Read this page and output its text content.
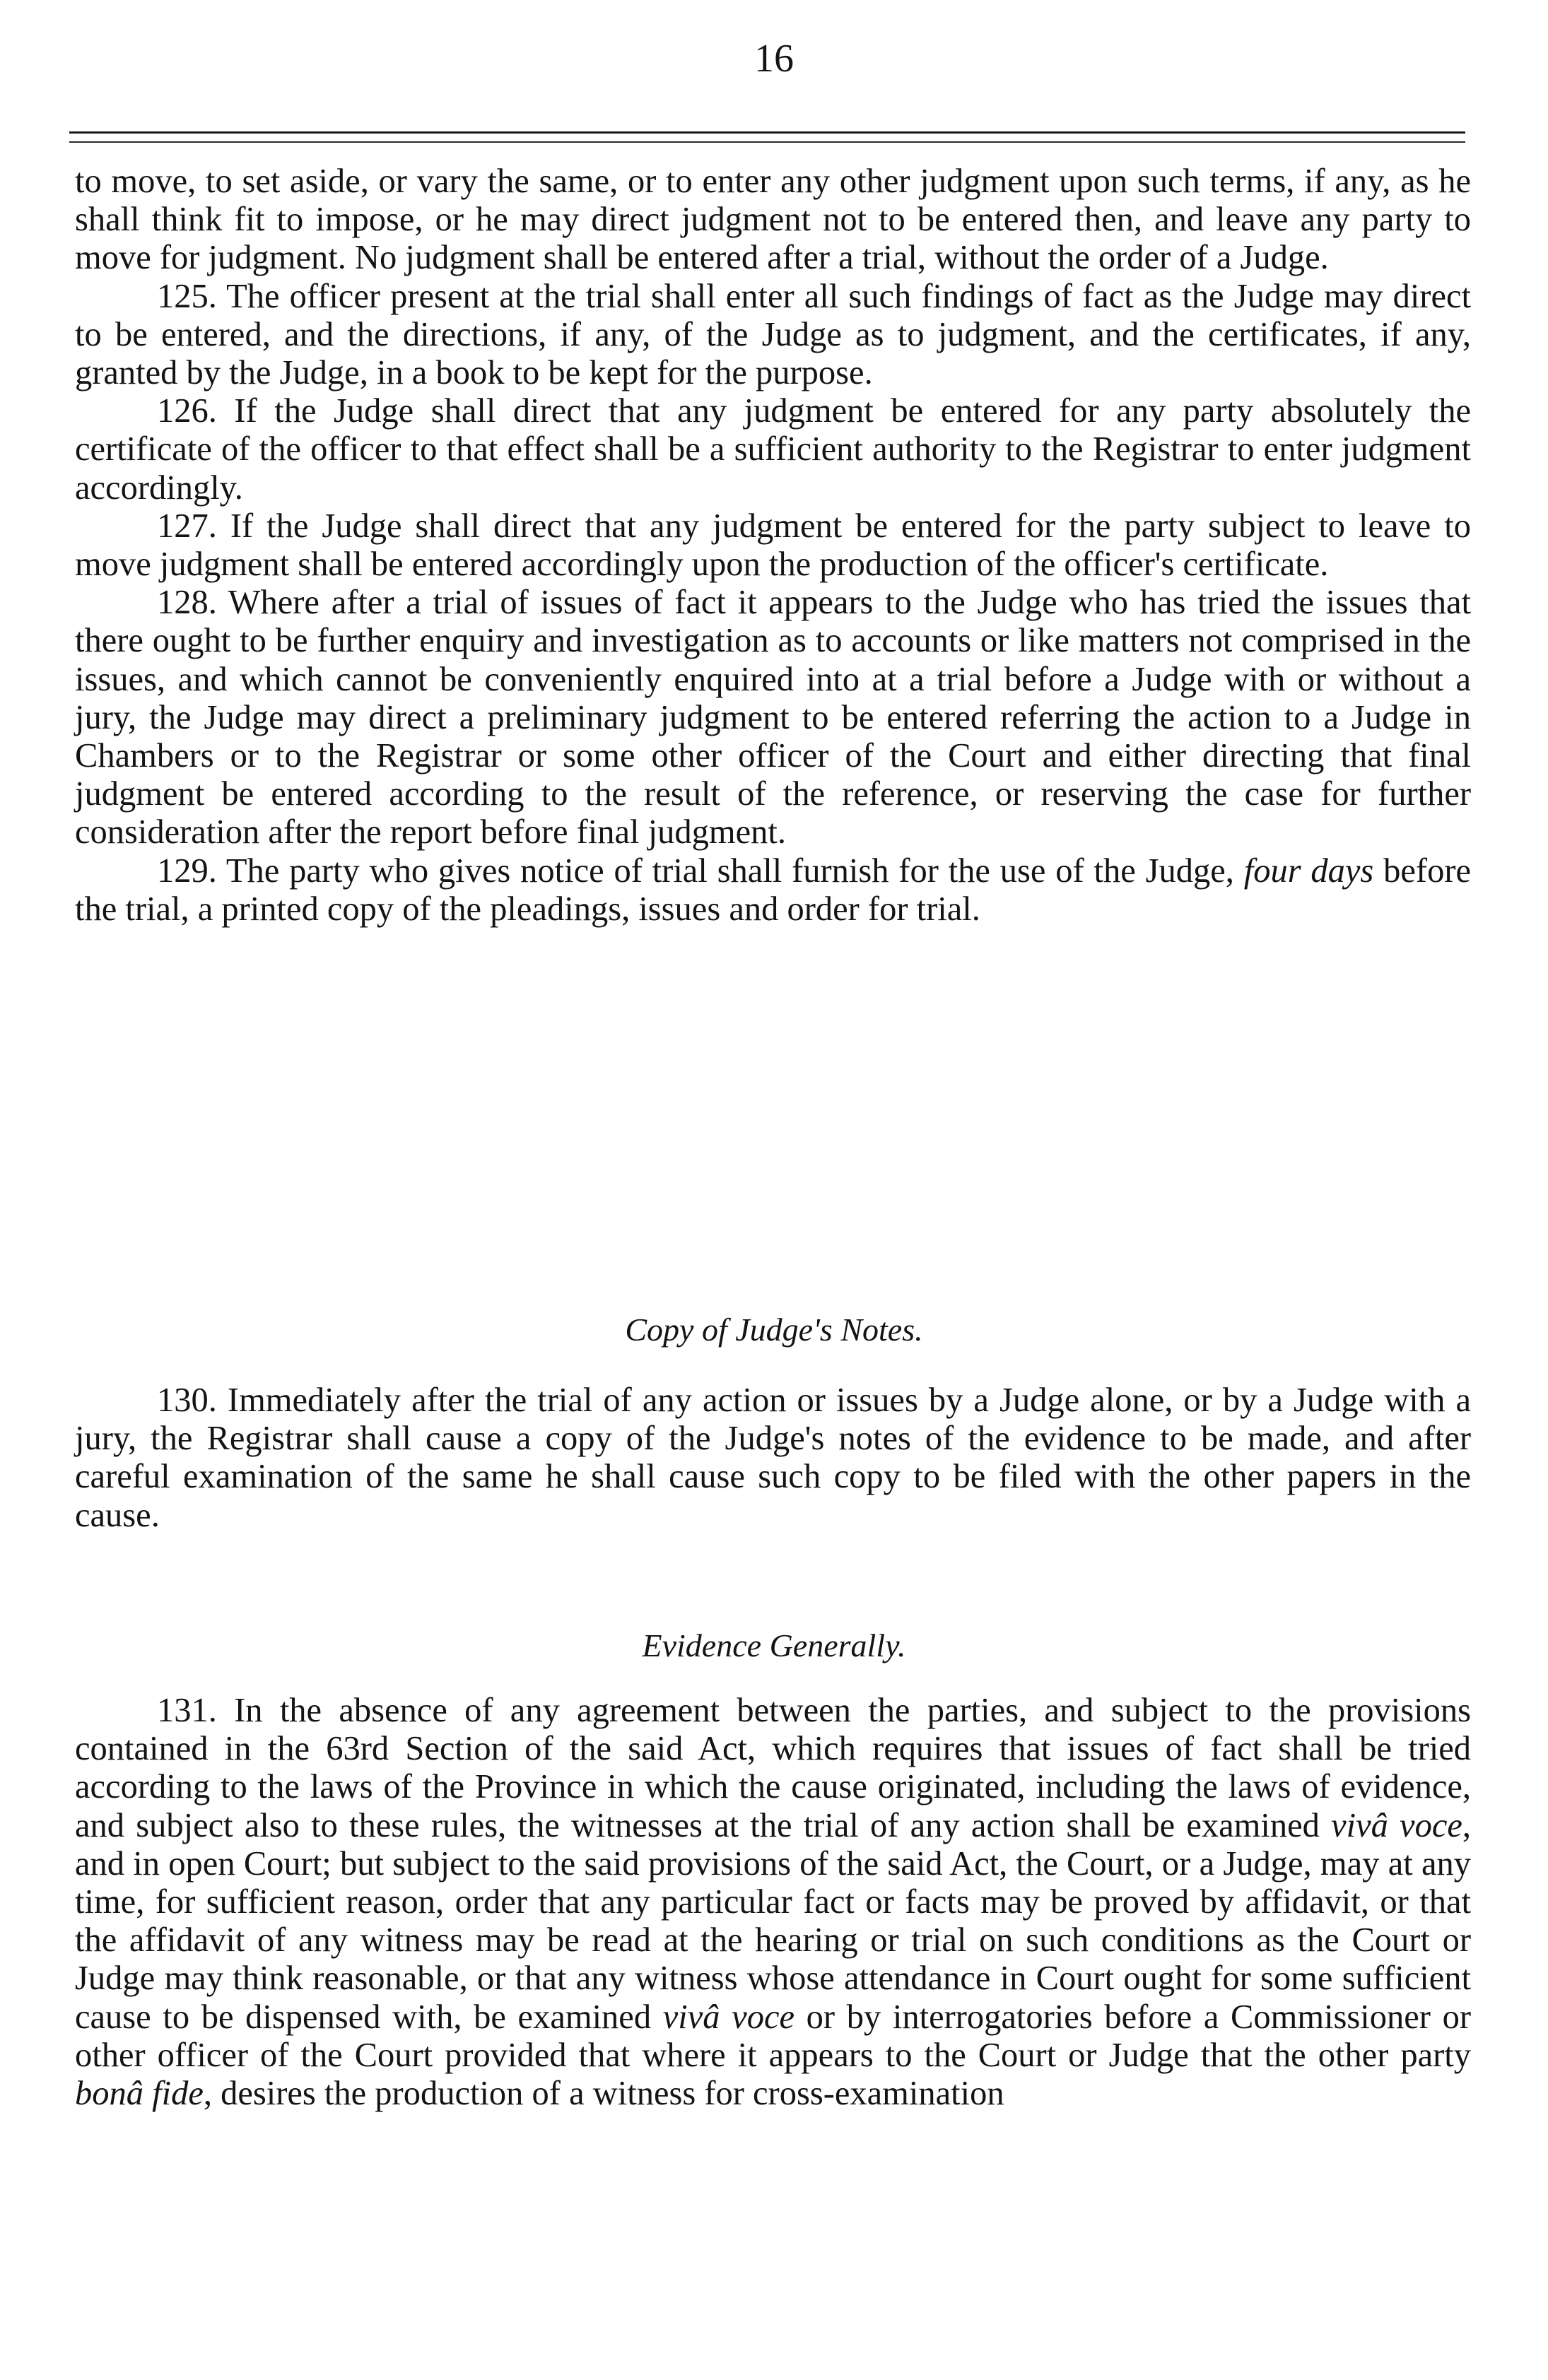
16

to move, to set aside, or vary the same, or to enter any other judgment upon such terms, if any, as he shall think fit to impose, or he may direct judgment not to be entered then, and leave any party to move for judgment. No judgment shall be entered after a trial, without the order of a Judge.

125. The officer present at the trial shall enter all such findings of fact as the Judge may direct to be entered, and the directions, if any, of the Judge as to judgment, and the certificates, if any, granted by the Judge, in a book to be kept for the purpose.

126. If the Judge shall direct that any judgment be entered for any party absolutely the certificate of the officer to that effect shall be a sufficient authority to the Registrar to enter judgment accordingly.

127. If the Judge shall direct that any judgment be entered for the party subject to leave to move judgment shall be entered accordingly upon the production of the officer's certificate.

128. Where after a trial of issues of fact it appears to the Judge who has tried the issues that there ought to be further enquiry and investigation as to accounts or like matters not comprised in the issues, and which cannot be conveniently enquired into at a trial before a Judge with or without a jury, the Judge may direct a preliminary judgment to be entered referring the action to a Judge in Chambers or to the Registrar or some other officer of the Court and either directing that final judgment be entered according to the result of the reference, or reserving the case for further consideration after the report before final judgment.

129. The party who gives notice of trial shall furnish for the use of the Judge, four days before the trial, a printed copy of the pleadings, issues and order for trial.

Copy of Judge's Notes.

130. Immediately after the trial of any action or issues by a Judge alone, or by a Judge with a jury, the Registrar shall cause a copy of the Judge's notes of the evidence to be made, and after careful examination of the same he shall cause such copy to be filed with the other papers in the cause.

Evidence Generally.

131. In the absence of any agreement between the parties, and subject to the provisions contained in the 63rd Section of the said Act, which requires that issues of fact shall be tried according to the laws of the Province in which the cause originated, including the laws of evidence, and subject also to these rules, the witnesses at the trial of any action shall be examined vivâ voce, and in open Court; but subject to the said provisions of the said Act, the Court, or a Judge, may at any time, for sufficient reason, order that any particular fact or facts may be proved by affidavit, or that the affidavit of any witness may be read at the hearing or trial on such conditions as the Court or Judge may think reasonable, or that any witness whose attendance in Court ought for some sufficient cause to be dispensed with, be examined vivâ voce or by interrogatories before a Commissioner or other officer of the Court provided that where it appears to the Court or Judge that the other party bonâ fide, desires the production of a witness for cross-examination
